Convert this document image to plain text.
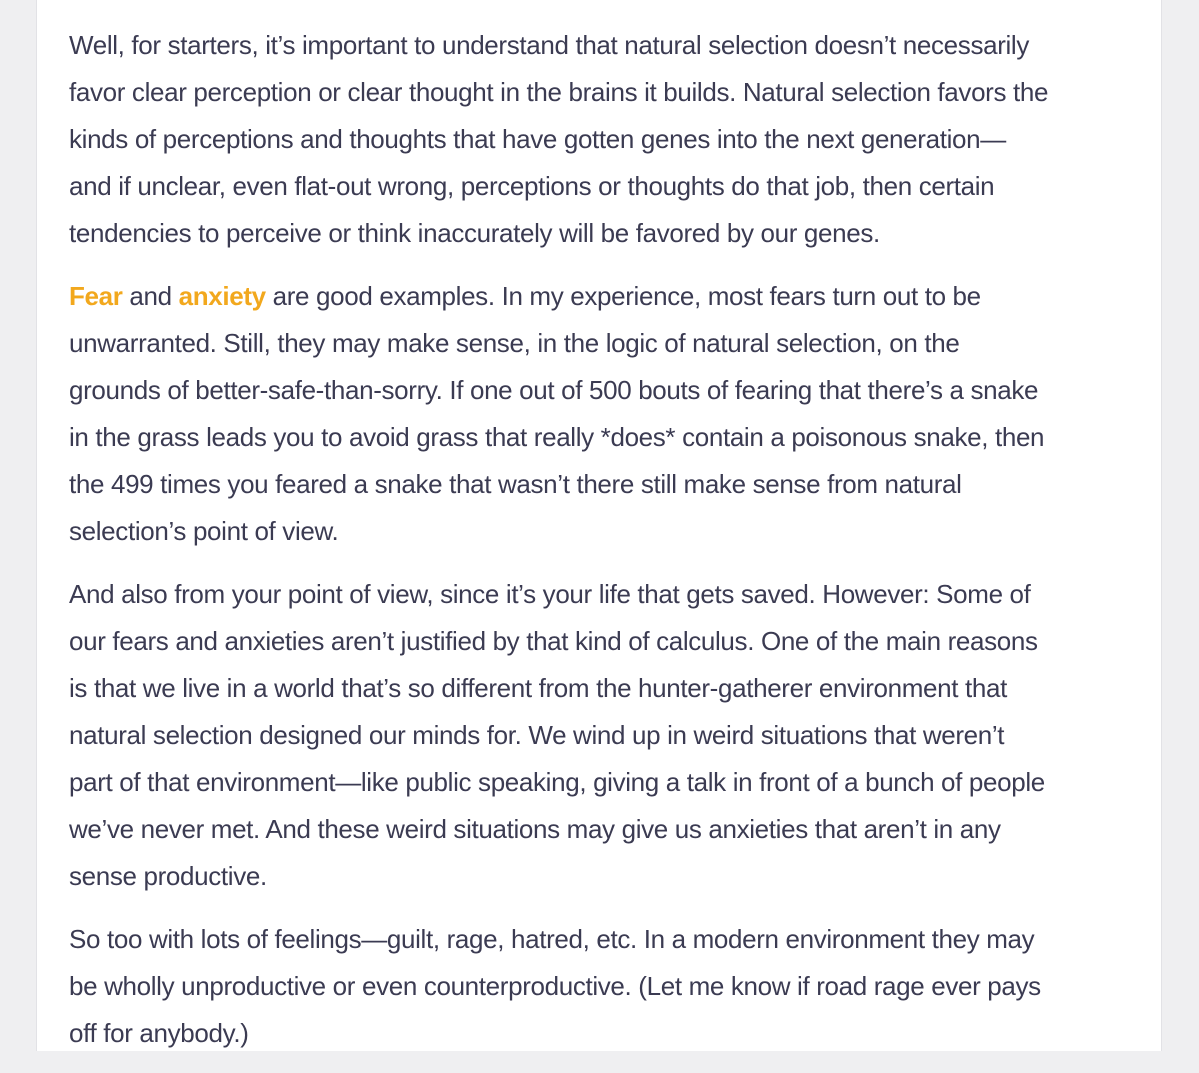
Well, for starters, it’s important to understand that natural selection doesn’t necessarily
favor clear perception or clear thought in the brains it builds. Natural selection favors the
kinds of perceptions and thoughts that have gotten genes into the next generation—
and if unclear, even flat-out wrong, perceptions or thoughts do that job, then certain
tendencies to perceive or think inaccurately will be favored by our genes.

Fear and anxiety are good examples. In my experience, most fears turn out to be
unwarranted. Still, they may make sense, in the logic of natural selection, on the
grounds of better-safe-than-sorry. If one out of 500 bouts of fearing that there’s a snake
in the grass leads you to avoid grass that really *does* contain a poisonous snake, then
the 499 times you feared a snake that wasn’t there still make sense from natural
selection’s point of view.

And also from your point of view, since it’s your life that gets saved. However: Some of
our fears and anxieties aren’t justified by that kind of calculus. One of the main reasons
is that we live in a world that’s so different from the hunter-gatherer environment that
natural selection designed our minds for. We wind up in weird situations that weren’t
part of that environment—like public speaking, giving a talk in front of a bunch of people
we’ve never met. And these weird situations may give us anxieties that aren’t in any
sense productive.

So too with lots of feelings—guilt, rage, hatred, etc. In a modern environment they may
be wholly unproductive or even counterproductive. (Let me know if road rage ever pays
off for anybody.)
